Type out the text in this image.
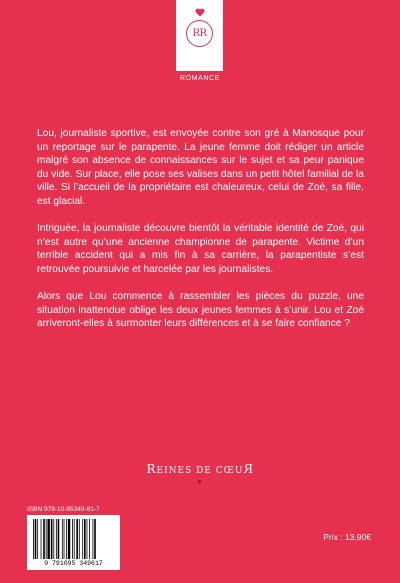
RR
ROMANCE

Lou, journaliste sportive, est envoyée contre son gré à Manosque pour un reportage sur le parapente. La jeune femme doit rédiger un article malgré son absence de connaissances sur le sujet et sa peur panique du vide. Sur place, elle pose ses valises dans un petit hôtel familial de la ville. Si l’accueil de la propriétaire est chaleureux, celui de Zoé, sa fille, est glacial.

Intriguée, la journaliste découvre bientôt la véritable identité de Zoé, qui n’est autre qu’une ancienne championne de parapente. Victime d’un terrible accident qui a mis fin à sa carrière, la parapentiste s’est retrouvée poursuivie et harcelée par les journalistes.

Alors que Lou commence à rassembler les pièces du puzzle, une situation inattendue oblige les deux jeunes femmes à s’unir. Lou et Zoé arriveront-elles à surmonter leurs différences et à se faire confiance ?

REINES DE CŒUR
ISBN 979-10-95349-61-7
9 791095 349617
Prix : 13,90€
